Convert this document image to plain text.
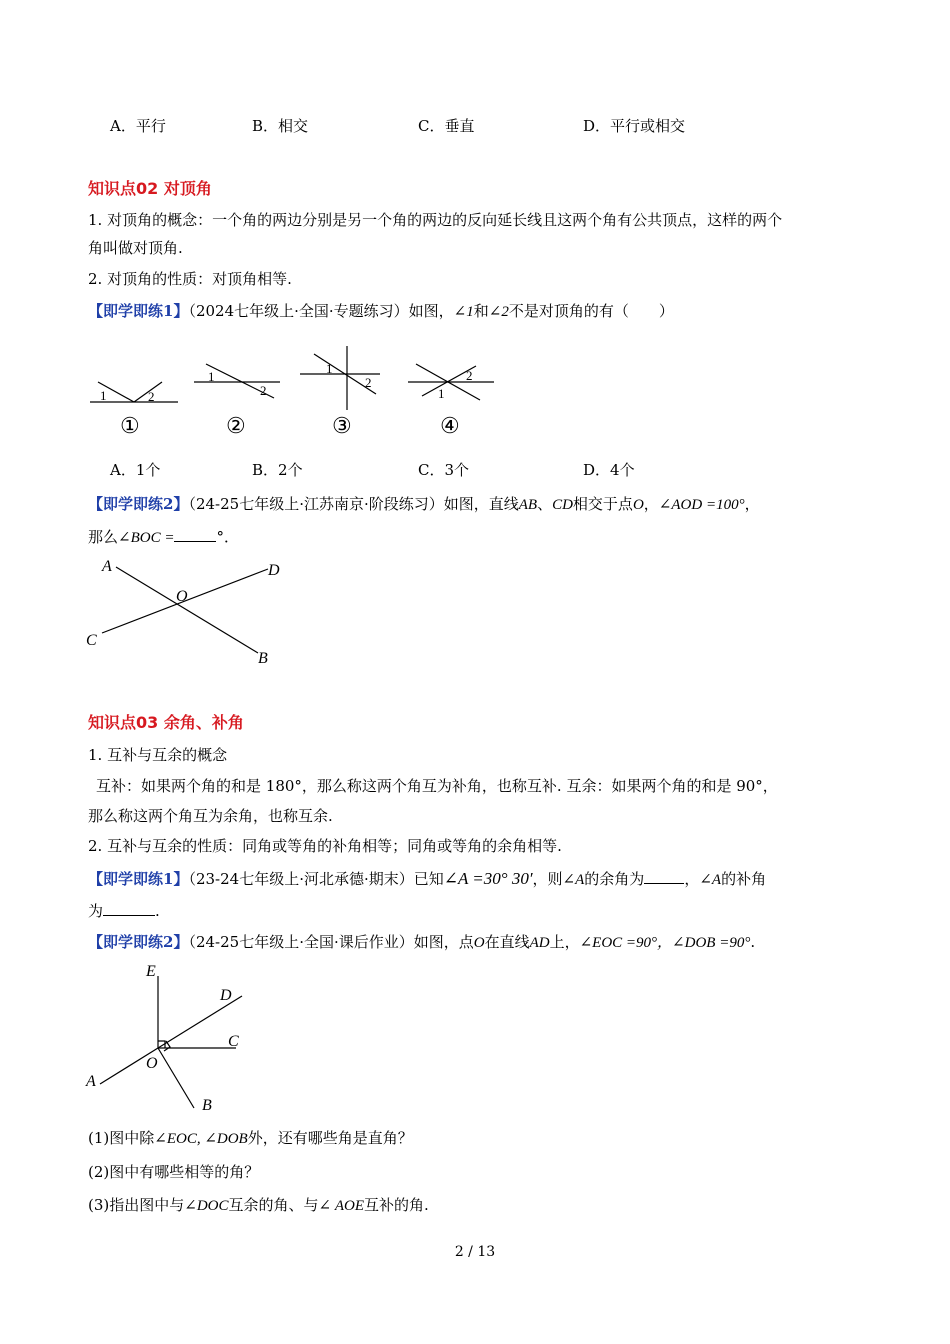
A．平行	B．相交	C．垂直	D．平行或相交
知识点02 对顶角
1. 对顶角的概念：一个角的两边分别是另一个角的两边的反向延长线且这两个角有公共顶点，这样的两个
角叫做对顶角.
2. 对顶角的性质：对顶角相等.
【即学即练1】（2024七年级上·全国·专题练习）如图，∠1和∠2不是对顶角的有（　　）
1	2
1
2
1
2
1
2
①	②	③	④
A．1个	B．2个	C．3个	D．4个
【即学即练2】（24-25七年级上·江苏南京·阶段练习）如图，直线AB、CD相交于点O，∠AOD =100°，
那么∠BOC =	°．
A	D
O
C
B
知识点03 余角、补角
1. 互补与互余的概念
互补：如果两个角的和是 180°，那么称这两个角互为补角，也称互补. 互余：如果两个角的和是 90°，
那么称这两个角互为余角，也称互余.
2. 互补与互余的性质：同角或等角的补角相等；同角或等角的余角相等.
【即学即练1】（23-24七年级上·河北承德·期末）已知∠A =30° 30′，则∠A的余角为	，∠A的补角
为	.
【即学即练2】（24-25七年级上·全国·课后作业）如图，点O在直线AD上，∠EOC =90°，∠DOB =90°.
E
D
C
O
A
B
(1)图中除∠EOC, ∠DOB外，还有哪些角是直角？
(2)图中有哪些相等的角？
(3)指出图中与∠DOC互余的角、与∠ AOE互补的角.
2 / 13
